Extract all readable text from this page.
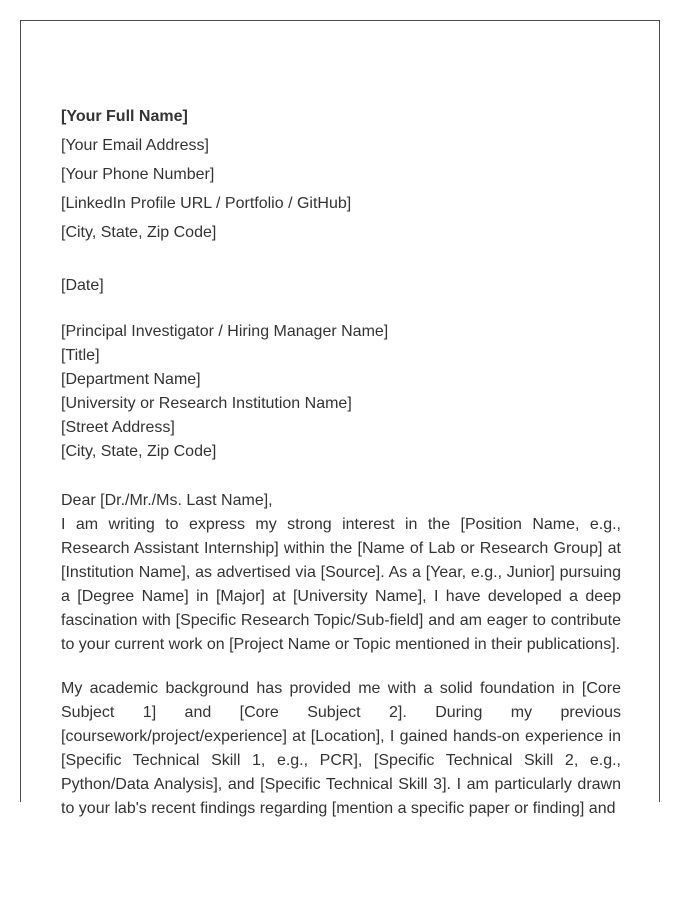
[Your Full Name]
[Your Email Address]
[Your Phone Number]
[LinkedIn Profile URL / Portfolio / GitHub]
[City, State, Zip Code]
[Date]
[Principal Investigator / Hiring Manager Name]
[Title]
[Department Name]
[University or Research Institution Name]
[Street Address]
[City, State, Zip Code]
Dear [Dr./Mr./Ms. Last Name],

I am writing to express my strong interest in the [Position Name, e.g., Research Assistant Internship] within the [Name of Lab or Research Group] at [Institution Name], as advertised via [Source]. As a [Year, e.g., Junior] pursuing a [Degree Name] in [Major] at [University Name], I have developed a deep fascination with [Specific Research Topic/Sub-field] and am eager to contribute to your current work on [Project Name or Topic mentioned in their publications].

My academic background has provided me with a solid foundation in [Core Subject 1] and [Core Subject 2]. During my previous [coursework/project/experience] at [Location], I gained hands-on experience in [Specific Technical Skill 1, e.g., PCR], [Specific Technical Skill 2, e.g., Python/Data Analysis], and [Specific Technical Skill 3]. I am particularly drawn to your lab's recent findings regarding [mention a specific paper or finding] and
